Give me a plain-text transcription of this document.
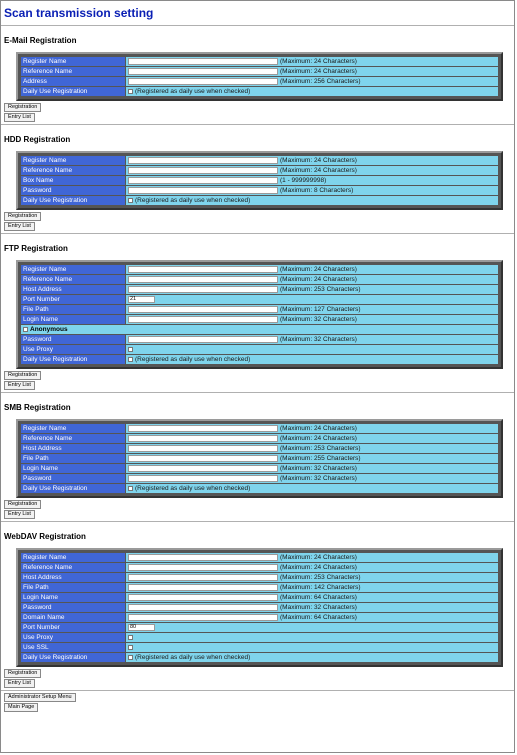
Scan transmission setting
E-Mail Registration
Register Name	(Maximum: 24 Characters)
Reference Name	(Maximum: 24 Characters)
Address	(Maximum: 256 Characters)
Daily Use Registration	(Registered as daily use when checked)
Registration
Entry List
HDD Registration
Register Name	(Maximum: 24 Characters)
Reference Name	(Maximum: 24 Characters)
Box Name	(1 - 999999998)
Password	(Maximum: 8 Characters)
Daily Use Registration	(Registered as daily use when checked)
Registration
Entry List
FTP Registration
Register Name	(Maximum: 24 Characters)
Reference Name	(Maximum: 24 Characters)
Host Address	(Maximum: 253 Characters)
Port Number	21
File Path	(Maximum: 127 Characters)
Login Name	(Maximum: 32 Characters)
Anonymous	
Password	(Maximum: 32 Characters)
Use Proxy	
Daily Use Registration	(Registered as daily use when checked)
Registration
Entry List
SMB Registration
Register Name	(Maximum: 24 Characters)
Reference Name	(Maximum: 24 Characters)
Host Address	(Maximum: 253 Characters)
File Path	(Maximum: 255 Characters)
Login Name	(Maximum: 32 Characters)
Password	(Maximum: 32 Characters)
Daily Use Registration	(Registered as daily use when checked)
Registration
Entry List
WebDAV Registration
Register Name	(Maximum: 24 Characters)
Reference Name	(Maximum: 24 Characters)
Host Address	(Maximum: 253 Characters)
File Path	(Maximum: 142 Characters)
Login Name	(Maximum: 64 Characters)
Password	(Maximum: 32 Characters)
Domain Name	(Maximum: 64 Characters)
Port Number	80
Use Proxy	
Use SSL	
Daily Use Registration	(Registered as daily use when checked)
Registration
Entry List
Administrator Setup Menu
Main Page
